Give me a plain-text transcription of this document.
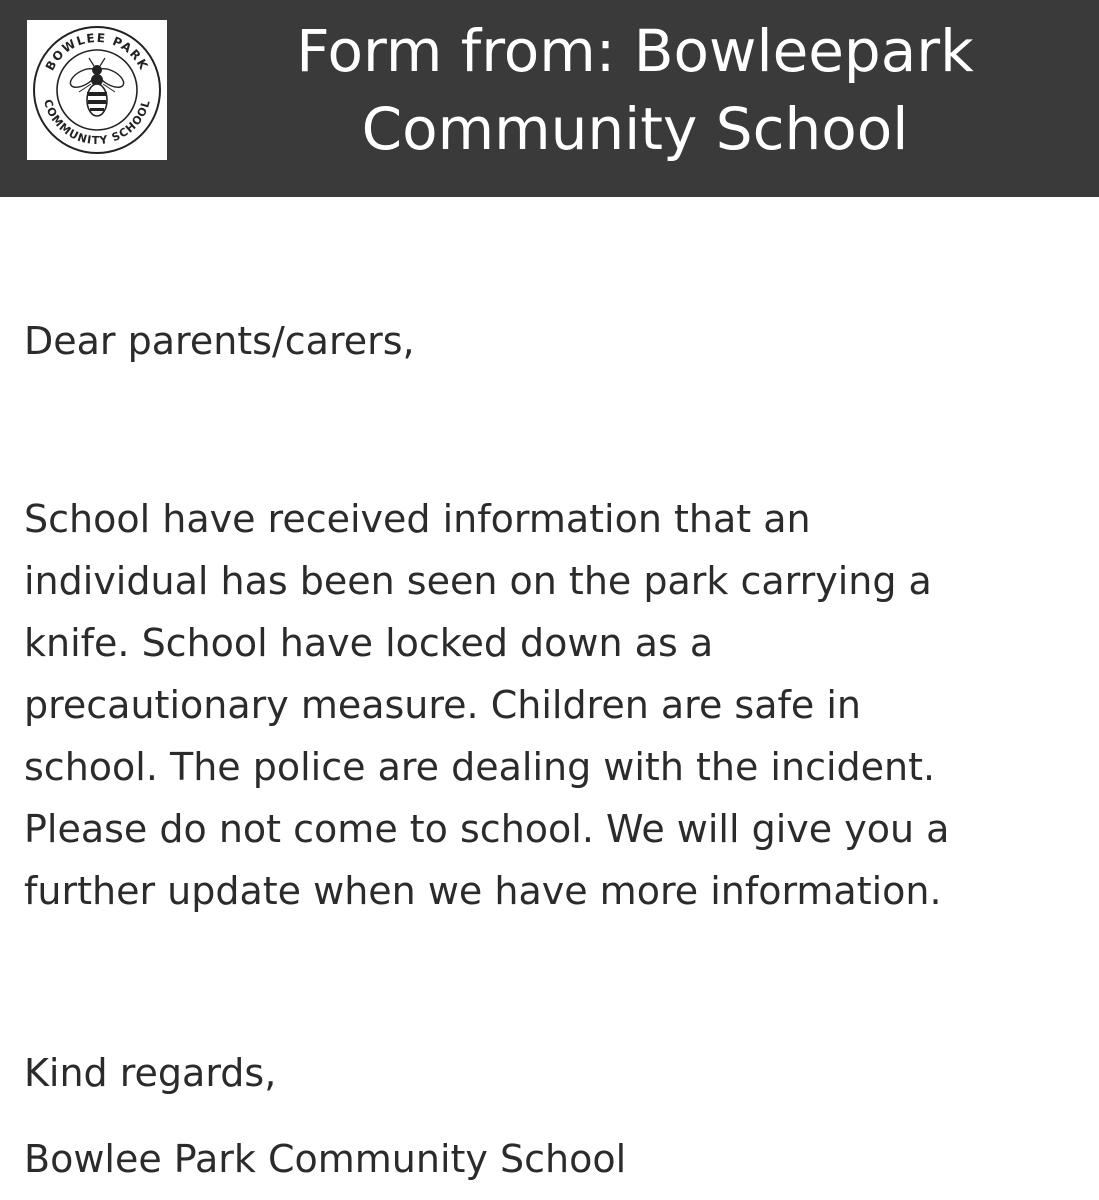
BOWLEE PARK
COMMUNITY SCHOOL
Form from: Bowleepark
Community School

Dear parents/carers,

School have received information that an
individual has been seen on the park carrying a
knife. School have locked down as a
precautionary measure. Children are safe in
school. The police are dealing with the incident.
Please do not come to school. We will give you a
further update when we have more information.

Kind regards,

Bowlee Park Community School
